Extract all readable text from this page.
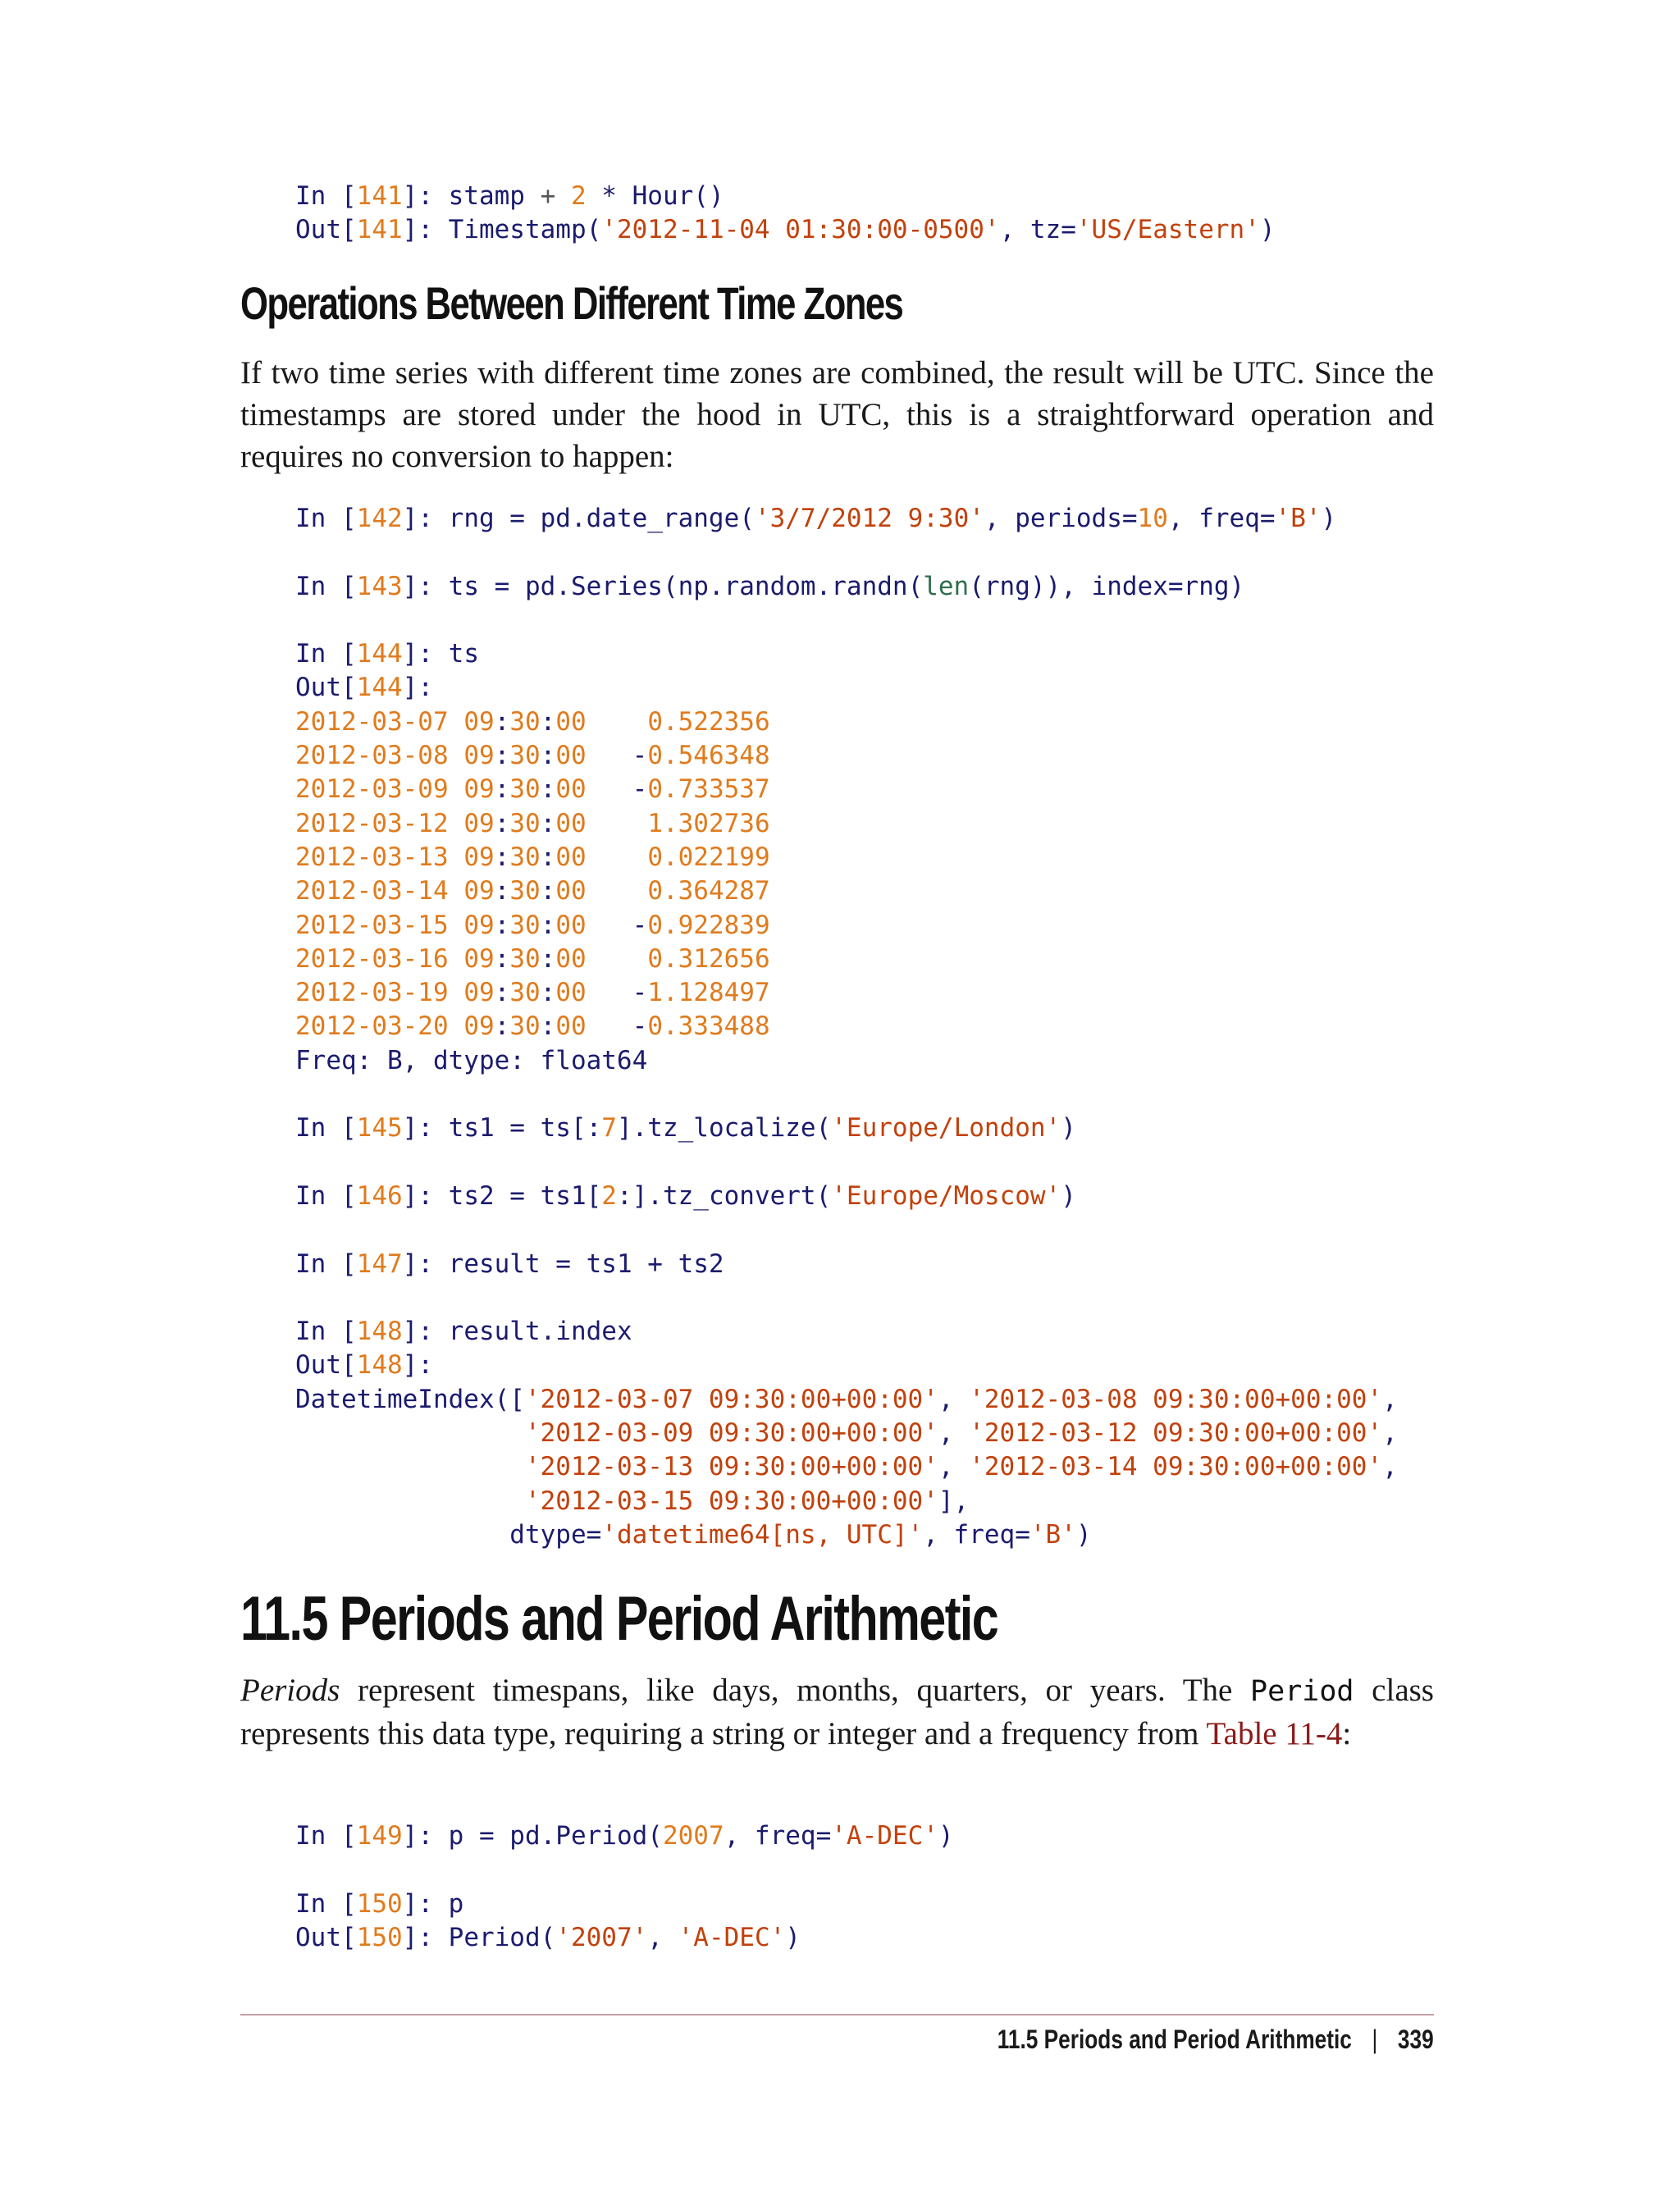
In [141]: stamp + 2 * Hour()
Out[141]: Timestamp('2012-11-04 01:30:00-0500', tz='US/Eastern')
Operations Between Different Time Zones

If two time series with different time zones are combined, the result will be UTC. Since the timestamps are stored under the hood in UTC, this is a straightforward operation and requires no conversion to happen:

In [142]: rng = pd.date_range('3/7/2012 9:30', periods=10, freq='B')

In [143]: ts = pd.Series(np.random.randn(len(rng)), index=rng)

In [144]: ts
Out[144]:
2012-03-07 09:30:00 0.522356
2012-03-08 09:30:00 -0.546348
2012-03-09 09:30:00 -0.733537
2012-03-12 09:30:00 1.302736
2012-03-13 09:30:00 0.022199
2012-03-14 09:30:00 0.364287
2012-03-15 09:30:00 -0.922839
2012-03-16 09:30:00 0.312656
2012-03-19 09:30:00 -1.128497
2012-03-20 09:30:00 -0.333488
Freq: B, dtype: float64

In [145]: ts1 = ts[:7].tz_localize('Europe/London')

In [146]: ts2 = ts1[2:].tz_convert('Europe/Moscow')

In [147]: result = ts1 + ts2

In [148]: result.index
Out[148]:
DatetimeIndex(['2012-03-07 09:30:00+00:00', '2012-03-08 09:30:00+00:00',
'2012-03-09 09:30:00+00:00', '2012-03-12 09:30:00+00:00',
'2012-03-13 09:30:00+00:00', '2012-03-14 09:30:00+00:00',
'2012-03-15 09:30:00+00:00'],
dtype='datetime64[ns, UTC]', freq='B')
11.5 Periods and Period Arithmetic

Periods represent timespans, like days, months, quarters, or years. The Period class represents this data type, requiring a string or integer and a frequency from Table 11-4:

In [149]: p = pd.Period(2007, freq='A-DEC')

In [150]: p
Out[150]: Period('2007', 'A-DEC')
11.5 Periods and Period Arithmetic | 339
